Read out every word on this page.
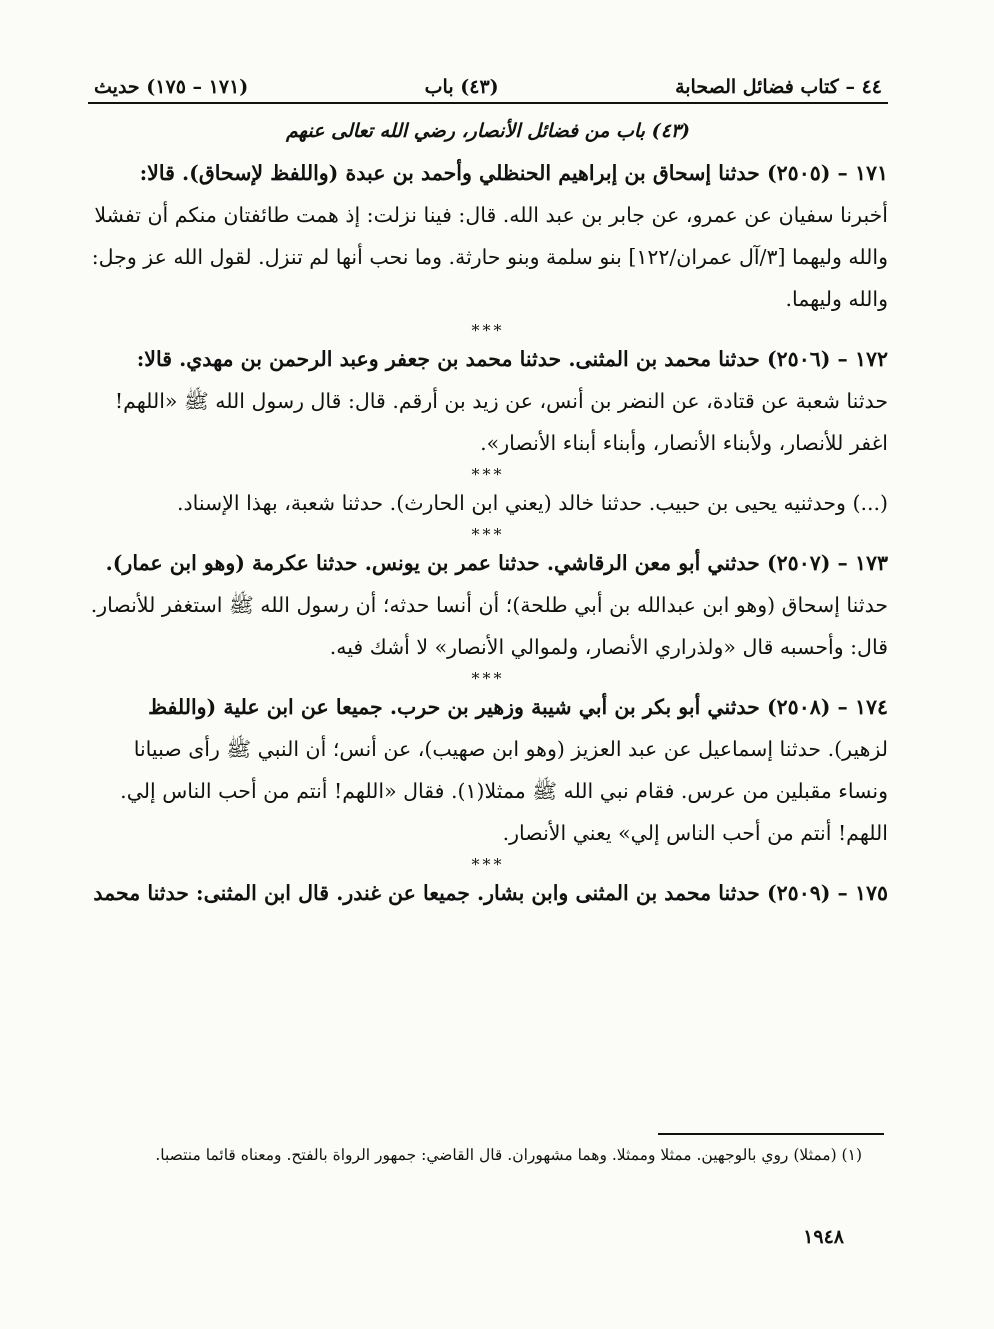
٤٤ – كتاب فضائل الصحابة
(٤٣) باب
(١٧١ – ١٧٥) حديث
(٤٣) باب من فضائل الأنصار، رضي الله تعالى عنهم

١٧١ – (٢٥٠٥) حدثنا إسحاق بن إبراهيم الحنظلي وأحمد بن عبدة (واللفظ لإسحاق). قالا:

أخبرنا سفيان عن عمرو، عن جابر بن عبد الله. قال: فينا نزلت: إذ همت طائفتان منكم أن تفشلا

والله وليهما [٣/آل عمران/١٢٢] بنو سلمة وبنو حارثة. وما نحب أنها لم تنزل. لقول الله عز وجل:

والله وليهما.

***

١٧٢ – (٢٥٠٦) حدثنا محمد بن المثنى. حدثنا محمد بن جعفر وعبد الرحمن بن مهدي. قالا:

حدثنا شعبة عن قتادة، عن النضر بن أنس، عن زيد بن أرقم. قال: قال رسول الله ﷺ «اللهم!

اغفر للأنصار، ولأبناء الأنصار، وأبناء أبناء الأنصار».

***

(...) وحدثنيه يحيى بن حبيب. حدثنا خالد (يعني ابن الحارث). حدثنا شعبة، بهذا الإسناد.

***

١٧٣ – (٢٥٠٧) حدثني أبو معن الرقاشي. حدثنا عمر بن يونس. حدثنا عكرمة (وهو ابن عمار).

حدثنا إسحاق (وهو ابن عبدالله بن أبي طلحة)؛ أن أنسا حدثه؛ أن رسول الله ﷺ استغفر للأنصار.

قال: وأحسبه قال «ولذراري الأنصار، ولموالي الأنصار» لا أشك فيه.

***

١٧٤ – (٢٥٠٨) حدثني أبو بكر بن أبي شيبة وزهير بن حرب. جميعا عن ابن علية (واللفظ

لزهير). حدثنا إسماعيل عن عبد العزيز (وهو ابن صهيب)، عن أنس؛ أن النبي ﷺ رأى صبيانا

ونساء مقبلين من عرس. فقام نبي الله ﷺ ممثلا(١). فقال «اللهم! أنتم من أحب الناس إلي.

اللهم! أنتم من أحب الناس إلي» يعني الأنصار.

***

١٧٥ – (٢٥٠٩) حدثنا محمد بن المثنى وابن بشار. جميعا عن غندر. قال ابن المثنى: حدثنا محمد

(١) (ممثلا) روي بالوجهين. ممثلا وممثلا. وهما مشهوران. قال القاضي: جمهور الرواة بالفتح. ومعناه قائما منتصبا.
١٩٤٨
